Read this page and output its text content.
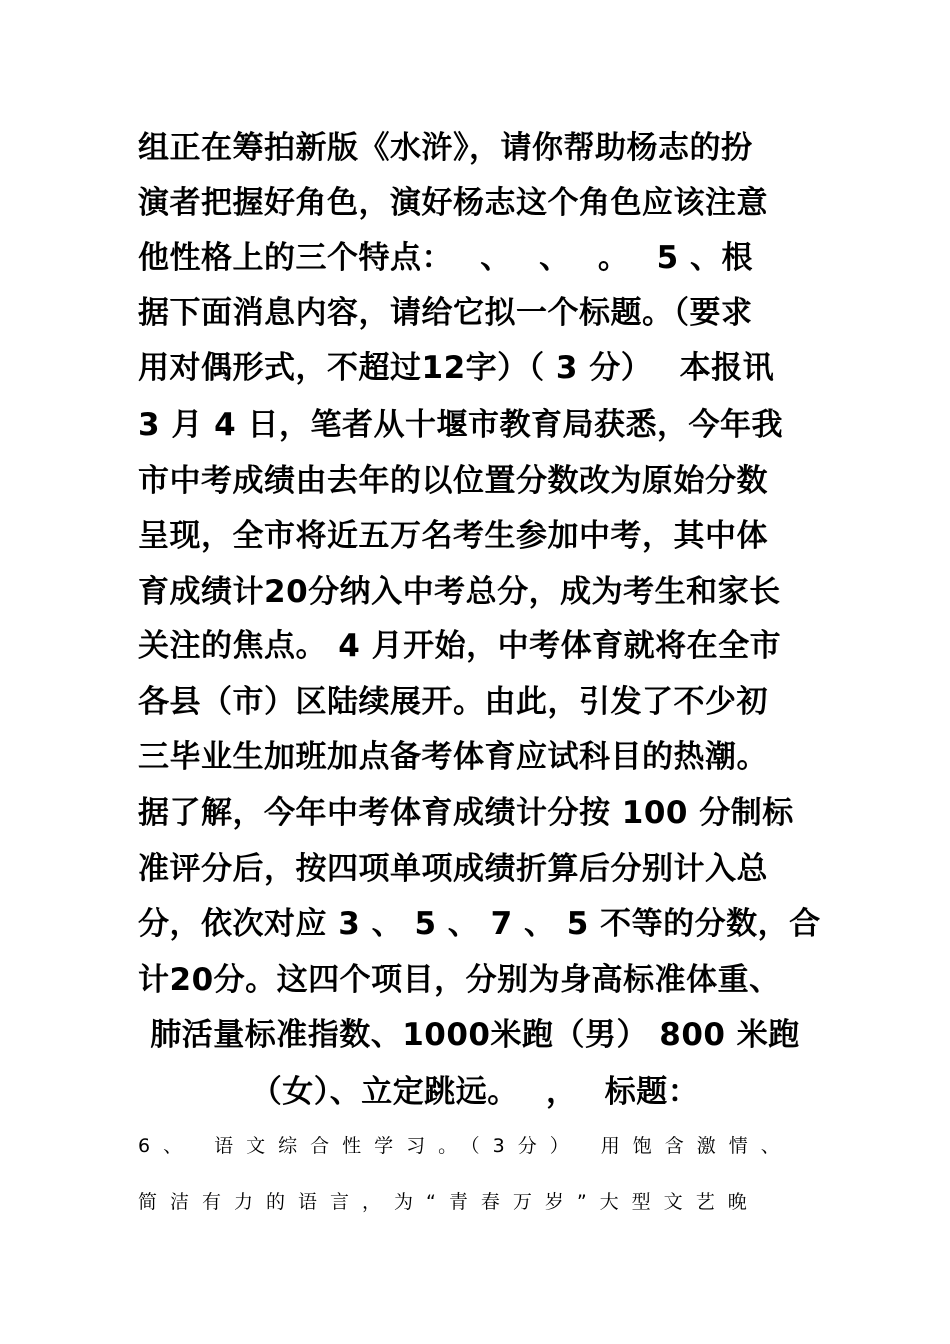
组正在筹拍新版《水浒》，请你帮助杨志的扮
演者把握好角色，演好杨志这个角色应该注意
他性格上的三个特点：　 、　 、　 。　 5 、根
据下面消息内容，请给它拟一个标题。（要求
用对偶形式，不超过12字）（ 3 分）　 本报讯
3 月 4 日，笔者从十堰市教育局获悉，今年我
市中考成绩由去年的以位置分数改为原始分数
呈现，全市将近五万名考生参加中考，其中体
育成绩计20分纳入中考总分，成为考生和家长
关注的焦点。 4 月开始，中考体育就将在全市
各县（市）区陆续展开。由此，引发了不少初
三毕业生加班加点备考体育应试科目的热潮。
据了解，今年中考体育成绩计分按 100 分制标
准评分后，按四项单项成绩折算后分别计入总
分，依次对应 3 、 5 、 7 、 5 不等的分数，合
计20分。这四个项目，分别为身高标准体重、
肺活量标准指数、1000米跑（男） 800 米跑
（女）、立定跳远。　 ，　 标题：
6、 语文综合性学习。（3分） 用饱含激情、
简洁有力的语言，为“青春万岁”大型文艺晚
